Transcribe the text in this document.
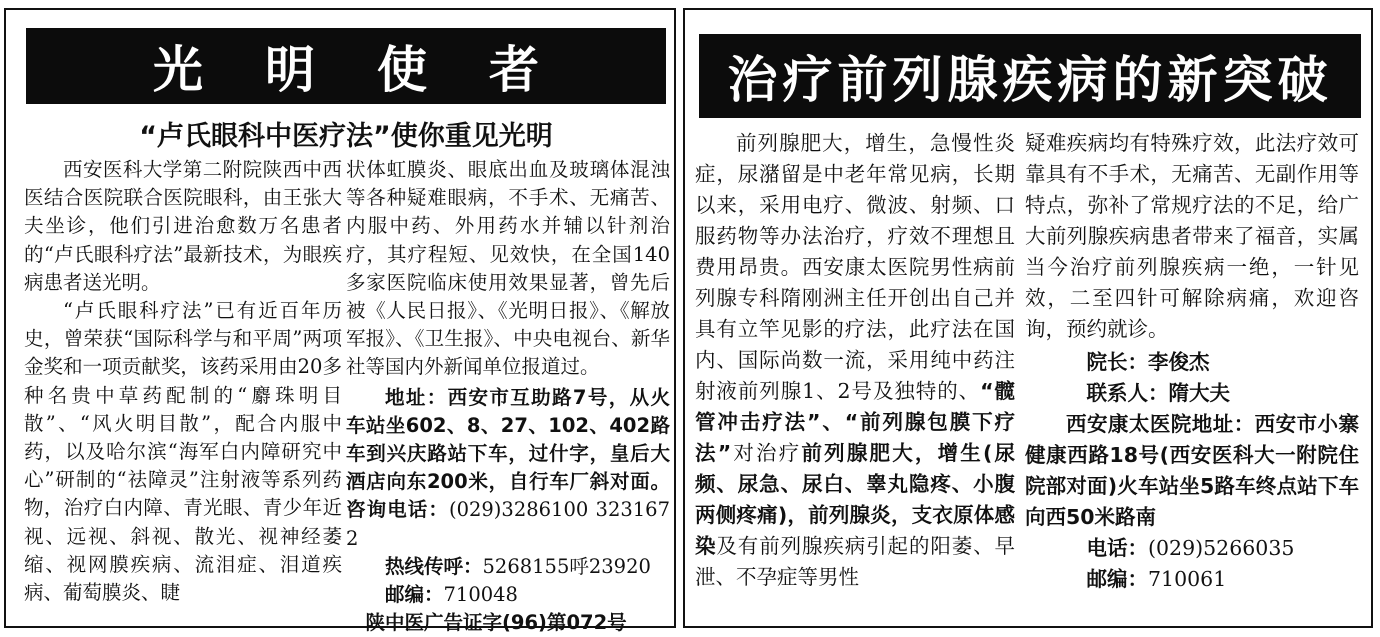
光明使者
“卢氏眼科中医疗法”使你重见光明

西安医科大学第二附院陕西中西医结合医院联合医院眼科，由王张大夫坐诊，他们引进治愈数万名患者的“卢氏眼科疗法”最新技术，为眼疾病患者送光明。

“卢氏眼科疗法”已有近百年历史，曾荣获“国际科学与和平周”两项金奖和一项贡献奖，该药采用由20多种名贵中草药配制的“麝珠明目散”、“风火明目散”，配合内服中药，以及哈尔滨“海军白内障研究中心”研制的“祛障灵”注射液等系列药物，治疗白内障、青光眼、青少年近视、远视、斜视、散光、视神经萎缩、视网膜疾病、流泪症、泪道疾病、葡萄膜炎、睫

状体虹膜炎、眼底出血及玻璃体混浊等各种疑难眼病，不手术、无痛苦、内服中药、外用药水并辅以针剂治疗，其疗程短、见效快，在全国140多家医院临床使用效果显著，曾先后被《人民日报》、《光明日报》、《解放军报》、《卫生报》、中央电视台、新华社等国内外新闻单位报道过。

地址：西安市互助路7号，从火车站坐602、8、27、102、402路车到兴庆路站下车，过什字，皇后大酒店向东200米，自行车厂斜对面。咨询电话：(029)3286100 3231672

热线传呼：5268155呼23920
邮编：710048
陕中医广告证字(96)第072号
治疗前列腺疾病的新突破

前列腺肥大，增生，急慢性炎症，尿潴留是中老年常见病，长期以来，采用电疗、微波、射频、口服药物等办法治疗，疗效不理想且费用昂贵。西安康太医院男性病前列腺专科隋刚洲主任开创出自己并具有立竿见影的疗法，此疗法在国内、国际尚数一流，采用纯中药注射液前列腺1、2号及独特的、“髋管冲击疗法”、“前列腺包膜下疗法”对治疗前列腺肥大，增生(尿频、尿急、尿白、睾丸隐疼、小腹两侧疼痛)，前列腺炎，支衣原体感染及有前列腺疾病引起的阳萎、早泄、不孕症等男性

疑难疾病均有特殊疗效，此法疗效可靠具有不手术，无痛苦、无副作用等特点，弥补了常规疗法的不足，给广大前列腺疾病患者带来了福音，实属当今治疗前列腺疾病一绝，一针见效，二至四针可解除病痛，欢迎咨询，预约就诊。

院长：李俊杰
联系人：隋大夫

西安康太医院地址：西安市小寨健康西路18号(西安医科大一附院住院部对面)火车站坐5路车终点站下车向西50米路南

电话：(029)5266035
邮编：710061
